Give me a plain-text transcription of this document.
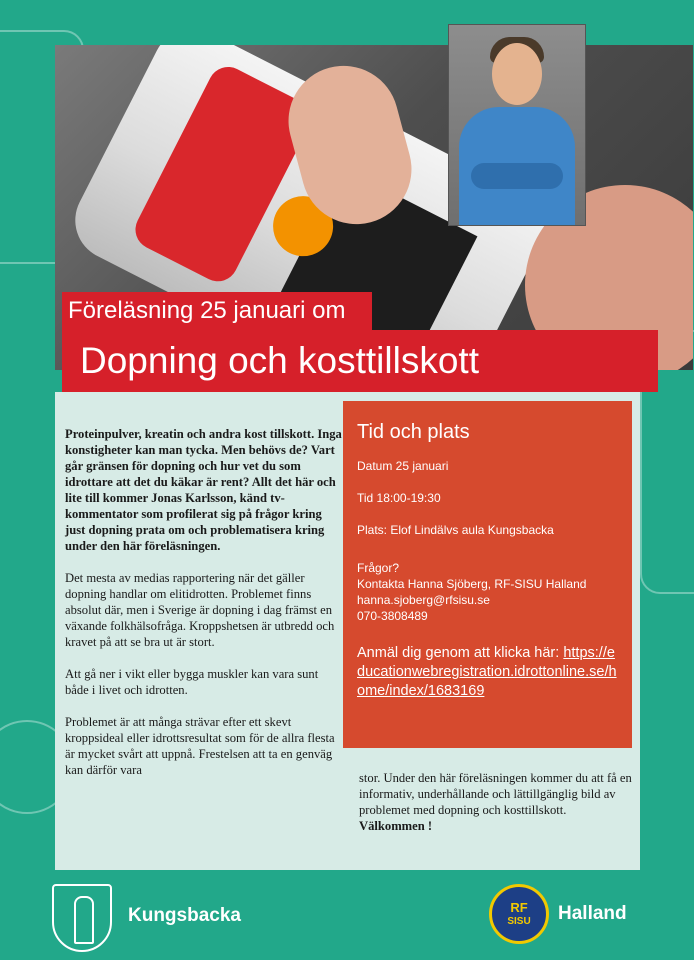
Föreläsning 25 januari om
Dopning och kosttillskott

Proteinpulver, kreatin och andra kost tillskott. Inga konstigheter kan man tycka. Men behövs de? Vart går gränsen för dopning och hur vet du som idrottare att det du käkar är rent? Allt det här och lite till kommer Jonas Karlsson, känd tv-kommentator som profilerat sig på frågor kring just dopning prata om och problematisera kring under den här föreläsningen.

Det mesta av medias rapportering när det gäller dopning handlar om elitidrotten. Problemet finns absolut där, men i Sverige är dopning i dag främst en växande folkhälsofråga. Kroppshetsen är utbredd och kravet på att se bra ut är stort.

Att gå ner i vikt eller bygga muskler kan vara sunt både i livet och idrotten.

Problemet är att många strävar efter ett skevt kroppsideal eller idrottsresultat som för de allra flesta är mycket svårt att uppnå. Frestelsen att ta en genväg kan därför vara

Tid och plats
Datum 25 januari
Tid 18:00-19:30
Plats: Elof Lindälvs aula Kungsbacka
Frågor?
Kontakta Hanna Sjöberg, RF-SISU Halland
hanna.sjoberg@rfsisu.se
070-3808489
Anmäl dig genom att klicka här: https://educationwebregistration.idrottonline.se/home/index/1683169
stor. Under den här föreläsningen kommer du att få en informativ, underhållande och lättillgänglig bild av problemet med dopning och kosttillskott.
Välkommen !
Kungsbacka	RF
SISU	Halland
